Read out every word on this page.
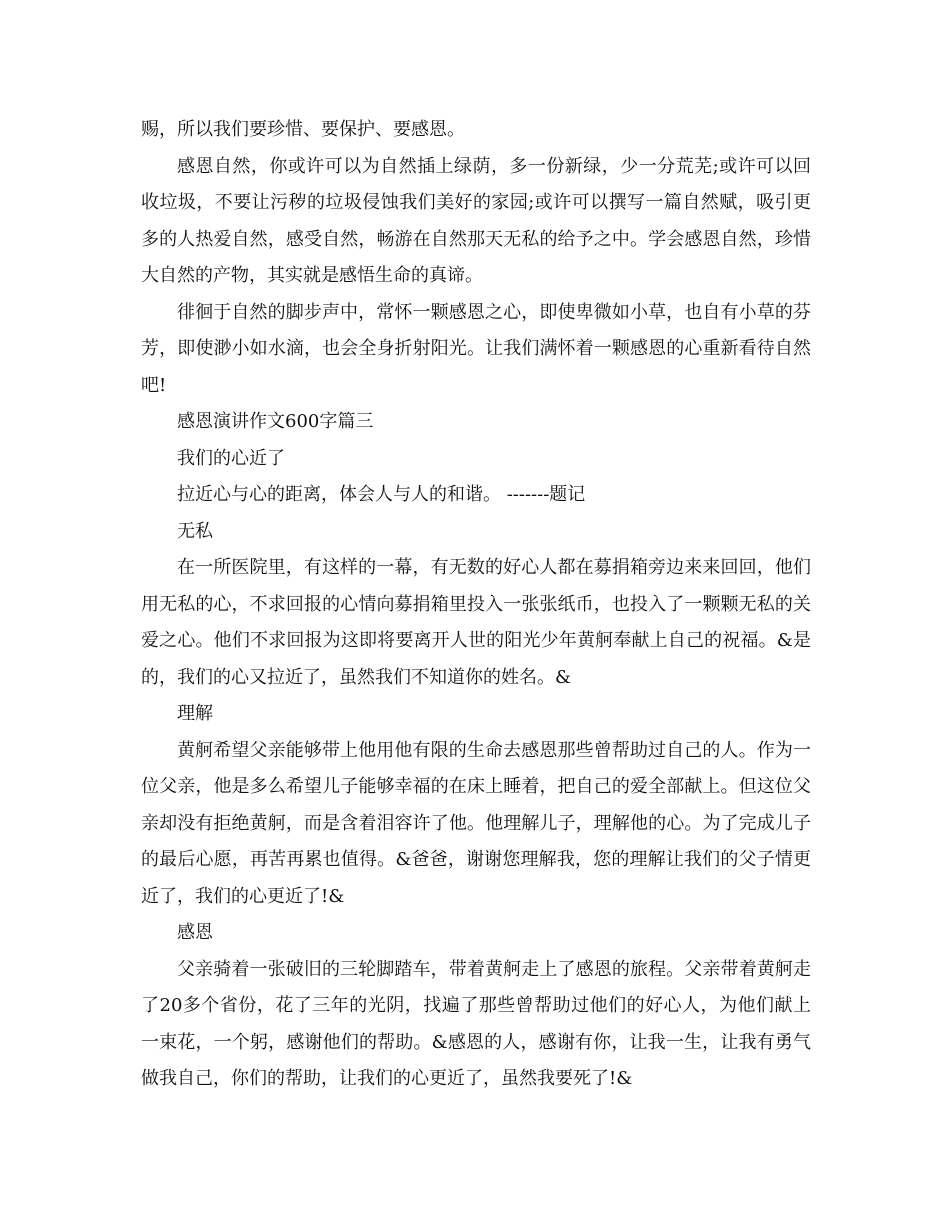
赐，所以我们要珍惜、要保护、要感恩。

感恩自然，你或许可以为自然插上绿荫，多一份新绿，少一分荒芜;或许可以回收垃圾，不要让污秽的垃圾侵蚀我们美好的家园;或许可以撰写一篇自然赋，吸引更多的人热爱自然，感受自然，畅游在自然那天无私的给予之中。学会感恩自然，珍惜大自然的产物，其实就是感悟生命的真谛。

徘徊于自然的脚步声中，常怀一颗感恩之心，即使卑微如小草，也自有小草的芬芳，即使渺小如水滴，也会全身折射阳光。让我们满怀着一颗感恩的心重新看待自然吧!

感恩演讲作文600字篇三

我们的心近了

拉近心与心的距离，体会人与人的和谐。 -------题记

无私

在一所医院里，有这样的一幕，有无数的好心人都在募捐箱旁边来来回回，他们用无私的心，不求回报的心情向募捐箱里投入一张张纸币，也投入了一颗颗无私的关爱之心。他们不求回报为这即将要离开人世的阳光少年黄舸奉献上自己的祝福。&是的，我们的心又拉近了，虽然我们不知道你的姓名。&

理解

黄舸希望父亲能够带上他用他有限的生命去感恩那些曾帮助过自己的人。作为一位父亲，他是多么希望儿子能够幸福的在床上睡着，把自己的爱全部献上。但这位父亲却没有拒绝黄舸，而是含着泪容许了他。他理解儿子，理解他的心。为了完成儿子的最后心愿，再苦再累也值得。&爸爸，谢谢您理解我，您的理解让我们的父子情更近了，我们的心更近了!&

感恩

父亲骑着一张破旧的三轮脚踏车，带着黄舸走上了感恩的旅程。父亲带着黄舸走了20多个省份，花了三年的光阴，找遍了那些曾帮助过他们的好心人，为他们献上一束花，一个躬，感谢他们的帮助。&感恩的人，感谢有你，让我一生，让我有勇气做我自己，你们的帮助，让我们的心更近了，虽然我要死了!&
